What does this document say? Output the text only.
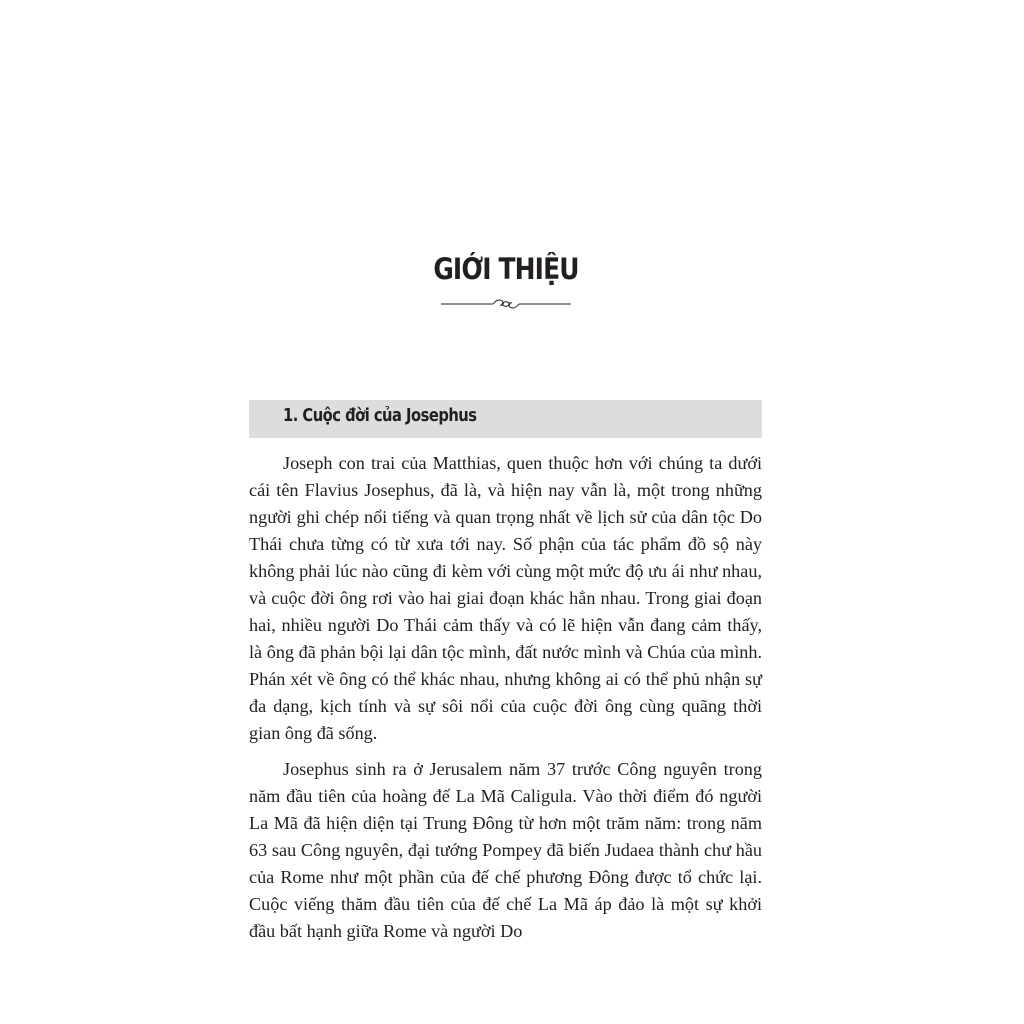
GIỚI THIỆU
1. Cuộc đời của Josephus

Joseph con trai của Matthias, quen thuộc hơn với chúng ta dưới cái tên Flavius Josephus, đã là, và hiện nay vẫn là, một trong những người ghi chép nổi tiếng và quan trọng nhất về lịch sử của dân tộc Do Thái chưa từng có từ xưa tới nay. Số phận của tác phẩm đồ sộ này không phải lúc nào cũng đi kèm với cùng một mức độ ưu ái như nhau, và cuộc đời ông rơi vào hai giai đoạn khác hẳn nhau. Trong giai đoạn hai, nhiều người Do Thái cảm thấy và có lẽ hiện vẫn đang cảm thấy, là ông đã phản bội lại dân tộc mình, đất nước mình và Chúa của mình. Phán xét về ông có thể khác nhau, nhưng không ai có thể phủ nhận sự đa dạng, kịch tính và sự sôi nổi của cuộc đời ông cùng quãng thời gian ông đã sống.

Josephus sinh ra ở Jerusalem năm 37 trước Công nguyên trong năm đầu tiên của hoàng đế La Mã Caligula. Vào thời điểm đó người La Mã đã hiện diện tại Trung Đông từ hơn một trăm năm: trong năm 63 sau Công nguyên, đại tướng Pompey đã biến Judaea thành chư hầu của Rome như một phần của đế chế phương Đông được tổ chức lại. Cuộc viếng thăm đầu tiên của đế chế La Mã áp đảo là một sự khởi đầu bất hạnh giữa Rome và người Do
